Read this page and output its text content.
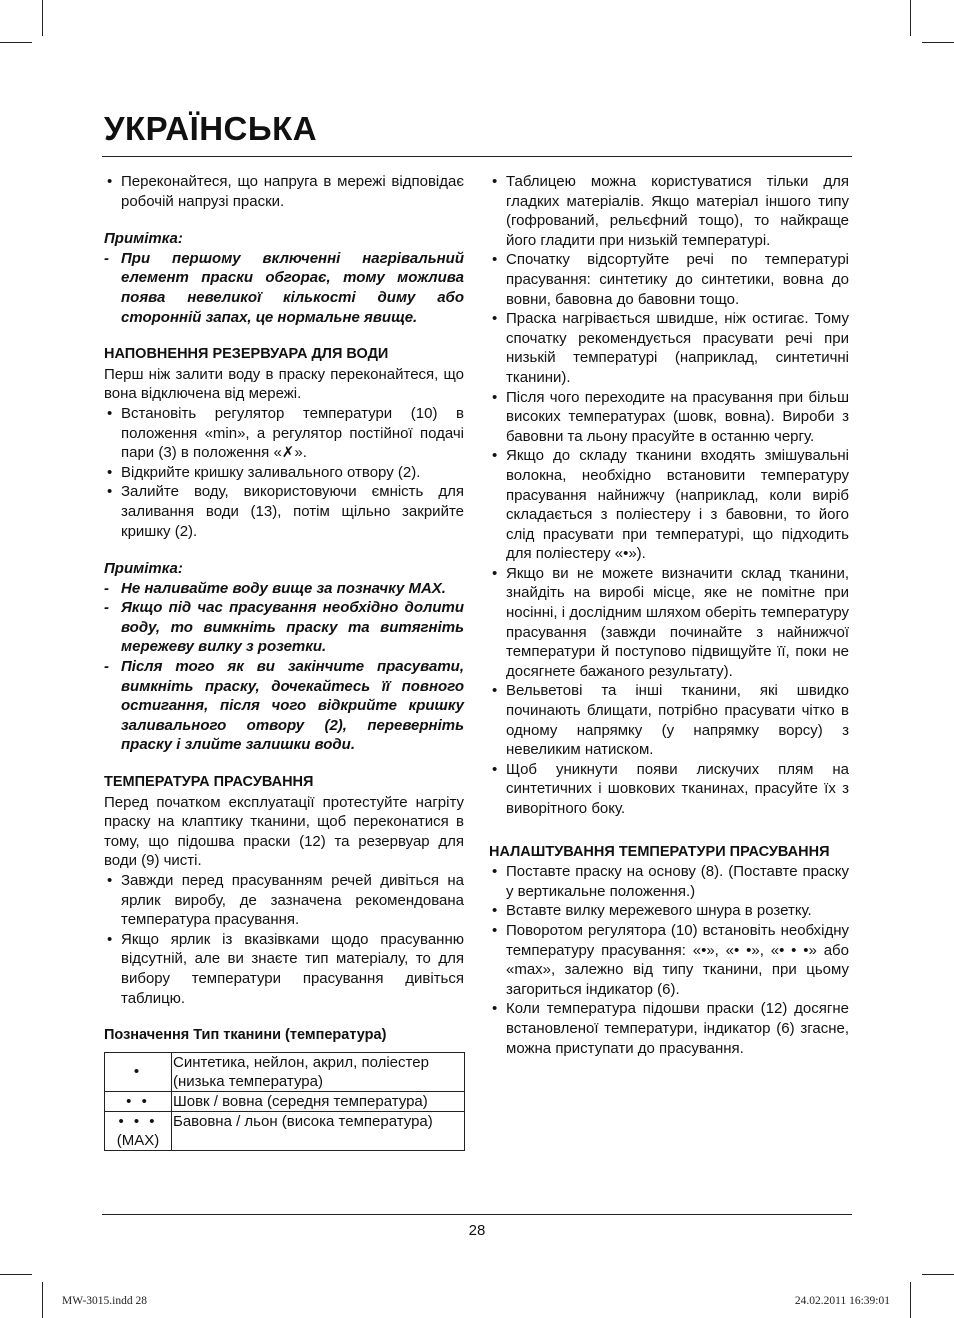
УКРАЇНСЬКА
• Переконайтеся, що напруга в мережі відповідає робочій напрузі праски.

Примітка:

- При першому включенні нагрівальний елемент праски обгорає, тому можлива поява невеликої кількості диму або сторонній запах, це нормальне явище.

НАПОВНЕННЯ РЕЗЕРВУАРА ДЛЯ ВОДИ

Перш ніж залити воду в праску переконайтеся, що вона відключена від мережі.

• Встановіть регулятор температури (10) в положення «min», а регулятор постійної подачі пари (3) в положення «✗».
• Відкрийте кришку заливального отвору (2).
• Залийте воду, використовуючи ємність для заливання води (13), потім щільно закрийте кришку (2).

Примітка:

- Не наливайте воду вище за позначку МАХ.
- Якщо під час прасування необхідно долити воду, то вимкніть праску та витягніть мережеву вилку з розетки.
- Після того як ви закінчите прасувати, вимкніть праску, дочекайтесь її повного остигання, після чого відкрийте кришку заливального отвору (2), переверніть праску і злийте залишки води.

ТЕМПЕРАТУРА ПРАСУВАННЯ

Перед початком експлуатації протестуйте нагріту праску на клаптику тканини, щоб переконатися в тому, що підошва праски (12) та резервуар для води (9) чисті.

• Завжди перед прасуванням речей дивіться на ярлик виробу, де зазначена рекомендована температура прасування.
• Якщо ярлик із вказівками щодо прасуванню відсутній, але ви знаєте тип матеріалу, то для вибору температури прасування дивіться таблицю.

Позначення Тип тканини (температура)

•	Синтетика, нейлон, акрил, поліестер (низька температура)
• •	Шовк / вовна (середня температура)
• • •
(MAX)	Бавовна / льон (висока температура)
• Таблицею можна користуватися тільки для гладких матеріалів. Якщо матеріал іншого типу (гофрований, рельєфний тощо), то найкраще його гладити при низькій температурі.
• Спочатку відсортуйте речі по температурі прасування: синтетику до синтетики, вовна до вовни, бавовна до бавовни тощо.
• Праска нагрівається швидше, ніж остигає. Тому спочатку рекомендується прасувати речі при низькій температурі (наприклад, синтетичні тканини).
• Після чого переходите на прасування при більш високих температурах (шовк, вовна). Вироби з бавовни та льону прасуйте в останню чергу.
• Якщо до складу тканини входять змішувальні волокна, необхідно встановити температуру прасування найнижчу (наприклад, коли виріб складається з поліестеру і з бавовни, то його слід прасувати при температурі, що підходить для поліестеру «•»).
• Якщо ви не можете визначити склад тканини, знайдіть на виробі місце, яке не помітне при носінні, і дослідним шляхом оберіть температуру прасування (завжди починайте з найнижчої температури й поступово підвищуйте її, поки не досягнете бажаного результату).
• Вельветові та інші тканини, які швидко починають блищати, потрібно прасувати чітко в одному напрямку (у напрямку ворсу) з невеликим натиском.
• Щоб уникнути появи лискучих плям на синтетичних і шовкових тканинах, прасуйте їх з виворітного боку.

НАЛАШТУВАННЯ ТЕМПЕРАТУРИ ПРАСУВАННЯ

• Поставте праску на основу (8). (Поставте праску у вертикальне положення.)
• Вставте вилку мережевого шнура в розетку.
• Поворотом регулятора (10) встановіть необхідну температуру прасування: «•», «• •», «• • •» або «max», залежно від типу тканини, при цьому загориться індикатор (6).
• Коли температура підошви праски (12) досягне встановленої температури, індикатор (6) згасне, можна приступати до прасування.
28
MW-3015.indd 28	24.02.2011 16:39:01
